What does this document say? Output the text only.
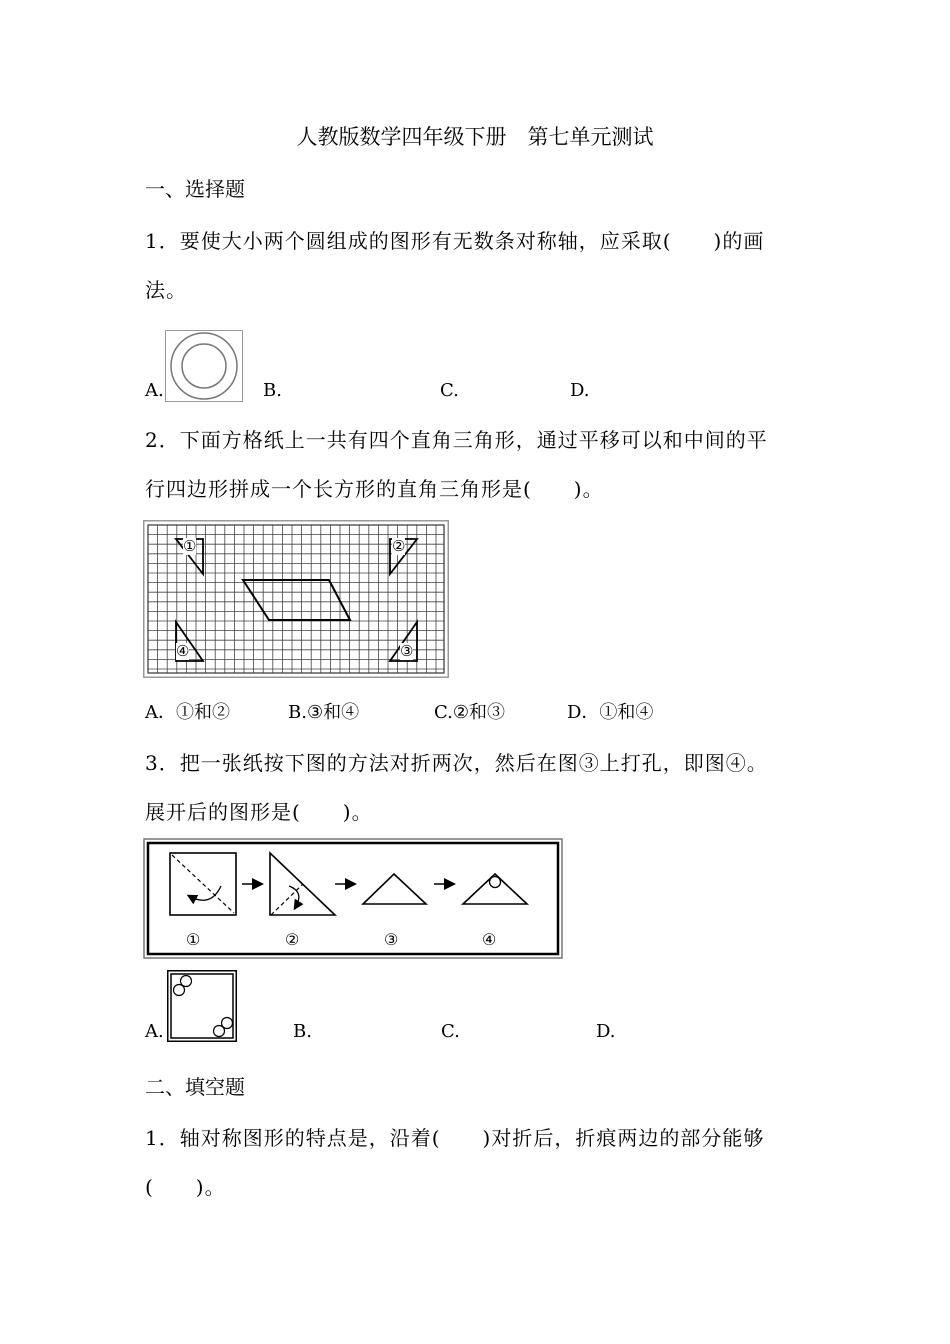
人教版数学四年级下册　第七单元测试
一、选择题
1．要使大小两个圆组成的图形有无数条对称轴，应采取(　　)的画
法。
A.	B.	C.	D.
2．下面方格纸上一共有四个直角三角形，通过平移可以和中间的平
行四边形拼成一个长方形的直角三角形是(　　)。
①	②
③
④
A．①和②	B.③和④	C.②和③	D．①和④
3．把一张纸按下图的方法对折两次，然后在图③上打孔，即图④。
展开后的图形是(　　)。
①	②	③	④
A.	B.	C.	D.
二、填空题
1．轴对称图形的特点是，沿着(　　)对折后，折痕两边的部分能够
(　　)。
